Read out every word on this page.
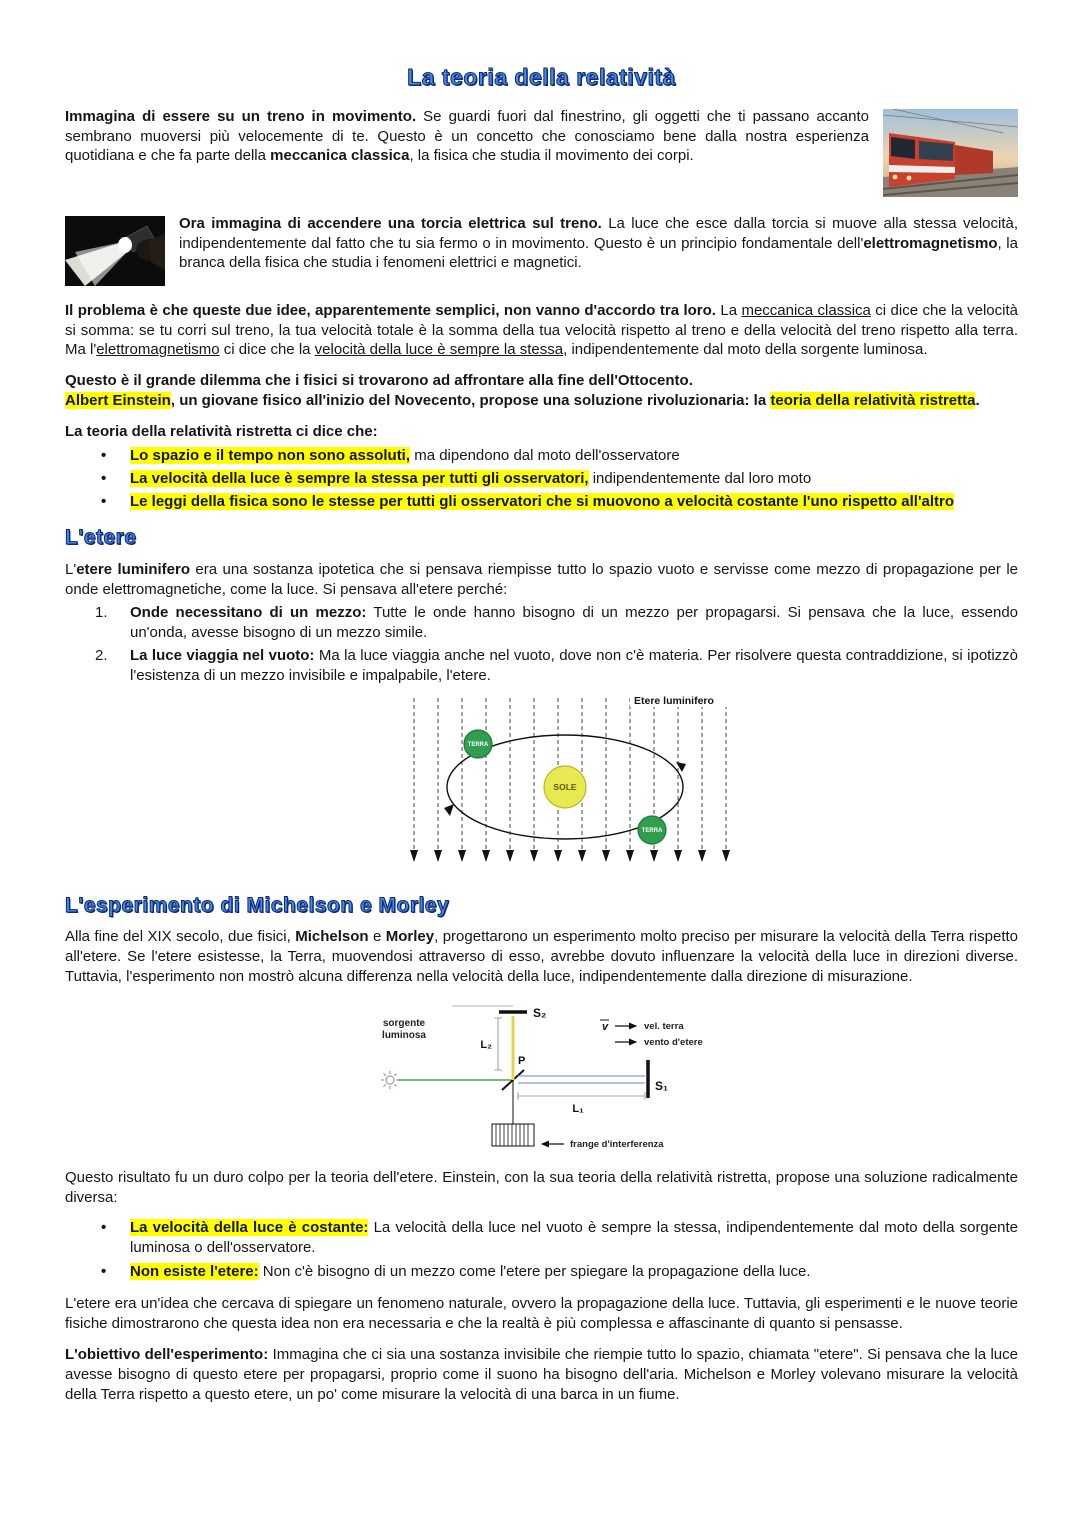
La teoria della relatività

Immagina di essere su un treno in movimento. Se guardi fuori dal finestrino, gli oggetti che ti passano accanto sembrano muoversi più velocemente di te. Questo è un concetto che conosciamo bene dalla nostra esperienza quotidiana e che fa parte della meccanica classica, la fisica che studia il movimento dei corpi.

Ora immagina di accendere una torcia elettrica sul treno. La luce che esce dalla torcia si muove alla stessa velocità, indipendentemente dal fatto che tu sia fermo o in movimento. Questo è un principio fondamentale dell'elettromagnetismo, la branca della fisica che studia i fenomeni elettrici e magnetici.

Il problema è che queste due idee, apparentemente semplici, non vanno d'accordo tra loro. La meccanica classica ci dice che la velocità si somma: se tu corri sul treno, la tua velocità totale è la somma della tua velocità rispetto al treno e della velocità del treno rispetto alla terra. Ma l'elettromagnetismo ci dice che la velocità della luce è sempre la stessa, indipendentemente dal moto della sorgente luminosa.

Questo è il grande dilemma che i fisici si trovarono ad affrontare alla fine dell'Ottocento.

Albert Einstein, un giovane fisico all'inizio del Novecento, propose una soluzione rivoluzionaria: la teoria della relatività ristretta.

La teoria della relatività ristretta ci dice che:

• Lo spazio e il tempo non sono assoluti, ma dipendono dal moto dell'osservatore
• La velocità della luce è sempre la stessa per tutti gli osservatori, indipendentemente dal loro moto
• Le leggi della fisica sono le stesse per tutti gli osservatori che si muovono a velocità costante l'uno rispetto all'altro
L'etere

L'etere luminifero era una sostanza ipotetica che si pensava riempisse tutto lo spazio vuoto e servisse come mezzo di propagazione per le onde elettromagnetiche, come la luce. Si pensava all'etere perché:

1. Onde necessitano di un mezzo: Tutte le onde hanno bisogno di un mezzo per propagarsi. Si pensava che la luce, essendo un'onda, avesse bisogno di un mezzo simile.
2. La luce viaggia nel vuoto: Ma la luce viaggia anche nel vuoto, dove non c'è materia. Per risolvere questa contraddizione, si ipotizzò l'esistenza di un mezzo invisibile e impalpabile, l'etere.
Etere luminifero
SOLE
TERRA
TERRA
L'esperimento di Michelson e Morley

Alla fine del XIX secolo, due fisici, Michelson e Morley, progettarono un esperimento molto preciso per misurare la velocità della Terra rispetto all'etere. Se l'etere esistesse, la Terra, muovendosi attraverso di esso, avrebbe dovuto influenzare la velocità della luce in direzioni diverse. Tuttavia, l'esperimento non mostrò alcuna differenza nella velocità della luce, indipendentemente dalla direzione di misurazione.

sorgente
luminosa
P
S₂
L₂
S₁
L₁
v	vel. terra
vento d'etere
frange d'interferenza

Questo risultato fu un duro colpo per la teoria dell'etere. Einstein, con la sua teoria della relatività ristretta, propose una soluzione radicalmente diversa:

• La velocità della luce è costante: La velocità della luce nel vuoto è sempre la stessa, indipendentemente dal moto della sorgente luminosa o dell'osservatore.
• Non esiste l'etere: Non c'è bisogno di un mezzo come l'etere per spiegare la propagazione della luce.

L'etere era un'idea che cercava di spiegare un fenomeno naturale, ovvero la propagazione della luce. Tuttavia, gli esperimenti e le nuove teorie fisiche dimostrarono che questa idea non era necessaria e che la realtà è più complessa e affascinante di quanto si pensasse.

L'obiettivo dell'esperimento: Immagina che ci sia una sostanza invisibile che riempie tutto lo spazio, chiamata "etere". Si pensava che la luce avesse bisogno di questo etere per propagarsi, proprio come il suono ha bisogno dell'aria. Michelson e Morley volevano misurare la velocità della Terra rispetto a questo etere, un po' come misurare la velocità di una barca in un fiume.
